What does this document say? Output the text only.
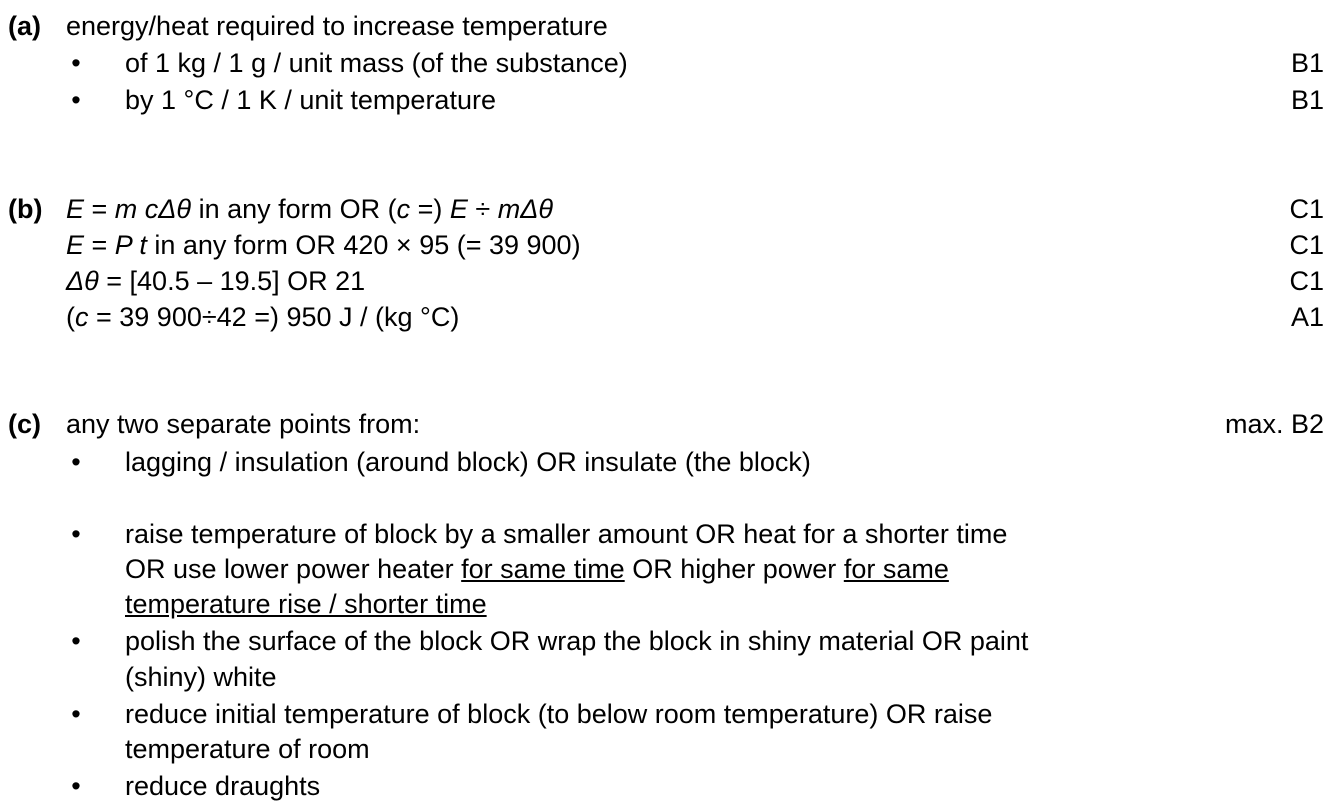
(a) energy/heat required to increase temperature
• of 1 kg / 1 g / unit mass (of the substance)	B1
• by 1 °C / 1 K / unit temperature	B1
(b) E = m cΔθ in any form OR (c =) E ÷ mΔθ	C1
E = P t in any form OR 420 × 95 (= 39 900)	C1
Δθ = [40.5 – 19.5] OR 21	C1
(c = 39 900÷42 =) 950 J / (kg °C)	A1
(c) any two separate points from:	max. B2
• lagging / insulation (around block) OR insulate (the block)
• raise temperature of block by a smaller amount OR heat for a shorter time
OR use lower power heater for same time OR higher power for same
temperature rise / shorter time
• polish the surface of the block OR wrap the block in shiny material OR paint
(shiny) white
• reduce initial temperature of block (to below room temperature) OR raise
temperature of room
• reduce draughts
